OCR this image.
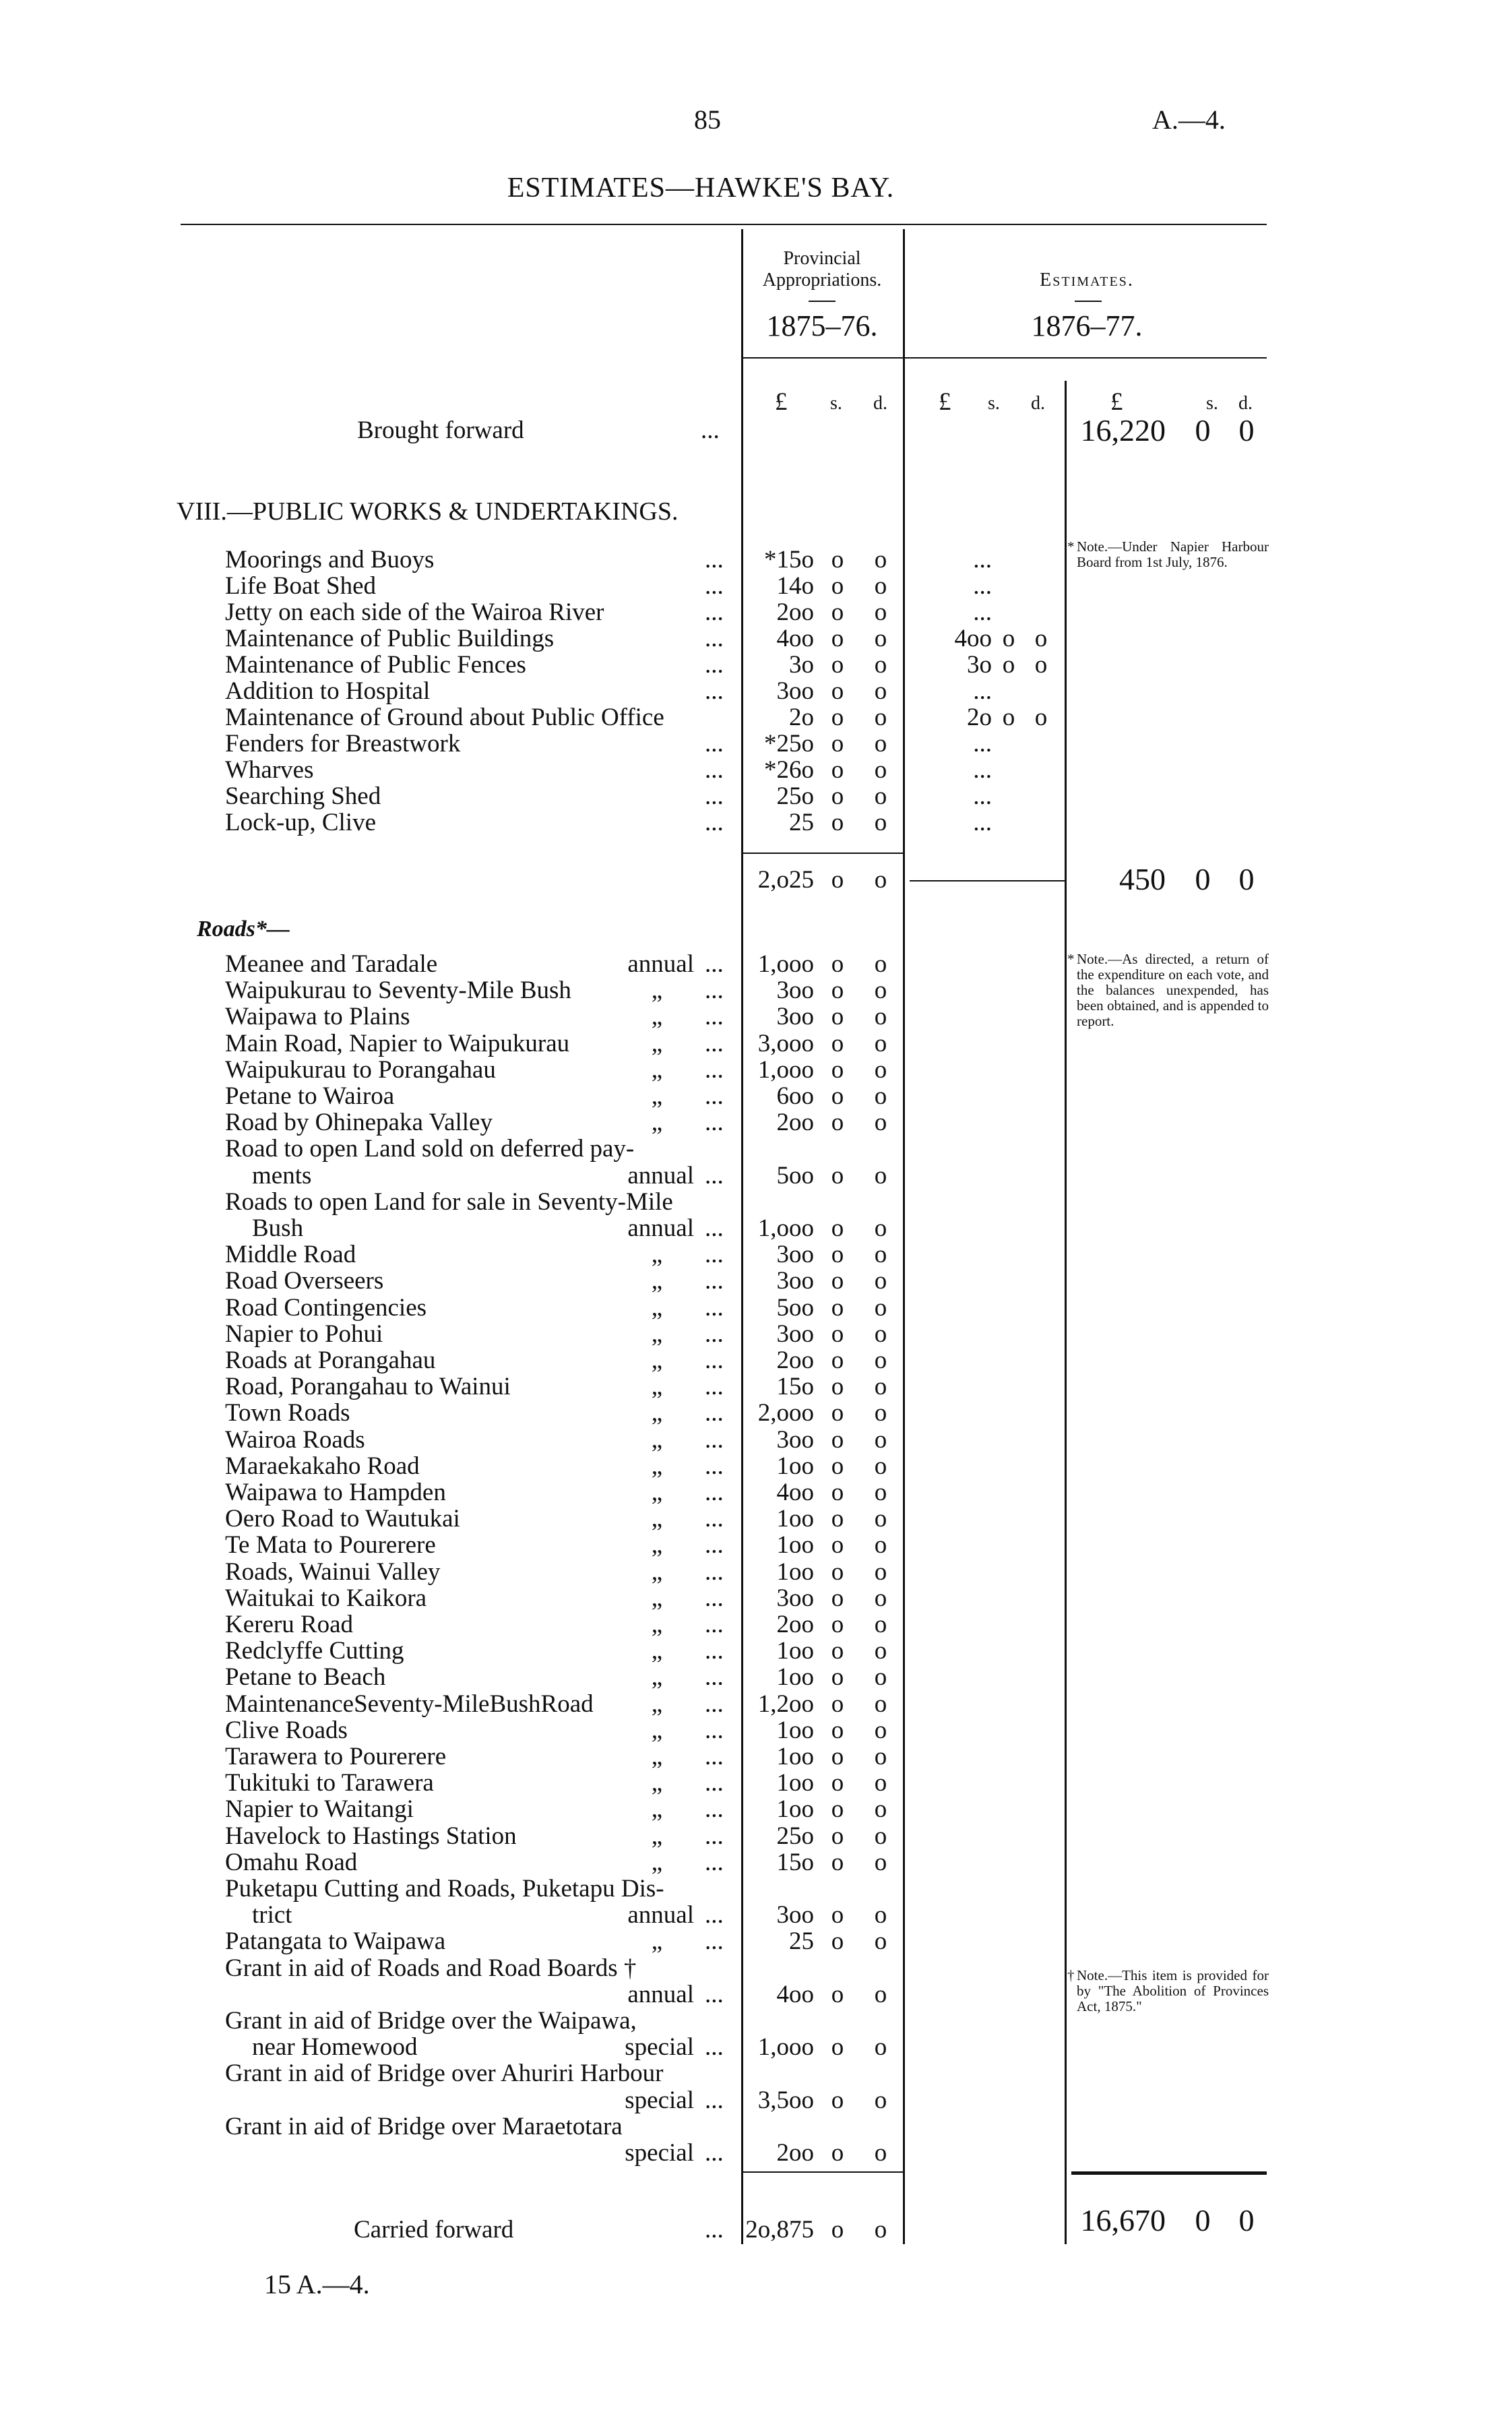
85	A.—4.
ESTIMATES—HAWKE'S BAY.
Provincial
Appropriations.
1875–76.
Estimates.
1876–77.
£ s. d. £ s. d.	£	s. d.
Brought forward	...	16,220 0 0
VIII.—PUBLIC WORKS & UNDERTAKINGS.
* Note.—Under Napier Harbour Board from 1st July, 1876.
Moorings and Buoys	...	*15o o o	...
Life Boat Shed	...	14o o o	...
Jetty on each side of the Wairoa River	...	2oo o o	...
Maintenance of Public Buildings	...	4oo o o	4oo o o
Maintenance of Public Fences	...	3o o o	3o o o
Addition to Hospital	...	3oo o o	...
Maintenance of Ground about Public Office	2o o o	2o o o
Fenders for Breastwork	...	*25o o o	...
Wharves	...	*26o o o	...
Searching Shed	...	25o o o	...
Lock-up, Clive	...	25 o o	...
2,o25 o o	450 0 0
Roads*—
* Note.—As directed, a return of the expenditure on each vote, and the balances unexpended, has been obtained, and is appended to report.
Meanee and Taradale	annual ...	1,ooo o o
Waipukurau to Seventy-Mile Bush	„ ...	3oo o o
Waipawa to Plains	„ ...	3oo o o
Main Road, Napier to Waipukurau	„ ...	3,ooo o o
Waipukurau to Porangahau	„ ...	1,ooo o o
Petane to Wairoa	„ ...	6oo o o
Road by Ohinepaka Valley	„ ...	2oo o o
Road to open Land sold on deferred pay-
ments	annual ...	5oo o o
Roads to open Land for sale in Seventy-Mile
Bush	annual ...	1,ooo o o
Middle Road	„ ...	3oo o o
Road Overseers	„ ...	3oo o o
Road Contingencies	„ ...	5oo o o
Napier to Pohui	„ ...	3oo o o
Roads at Porangahau	„ ...	2oo o o
Road, Porangahau to Wainui	„ ...	15o o o
Town Roads	„ ...	2,ooo o o
Wairoa Roads	„ ...	3oo o o
Maraekakaho Road	„ ...	1oo o o
Waipawa to Hampden	„ ...	4oo o o
Oero Road to Wautukai	„ ...	1oo o o
Te Mata to Pourerere	„ ...	1oo o o
Roads, Wainui Valley	„ ...	1oo o o
Waitukai to Kaikora	„ ...	3oo o o
Kereru Road	„ ...	2oo o o
Redclyffe Cutting	„ ...	1oo o o
Petane to Beach	„ ...	1oo o o
MaintenanceSeventy-MileBushRoad „ ...	1,2oo o o
Clive Roads	„ ...	1oo o o
Tarawera to Pourerere	„ ...	1oo o o
Tukituki to Tarawera	„ ...	1oo o o
Napier to Waitangi	„ ...	1oo o o
Havelock to Hastings Station	„ ...	25o o o
Omahu Road	„ ...	15o o o
Puketapu Cutting and Roads, Puketapu Dis-
trict	annual ...	3oo o o
Patangata to Waipawa	„ ...	25 o o
Grant in aid of Roads and Road Boards †
annual ...	4oo o o
Grant in aid of Bridge over the Waipawa,
near Homewood	special ...	1,ooo o o
Grant in aid of Bridge over Ahuriri Harbour
special ...	3,5oo o o
Grant in aid of Bridge over Maraetotara
special ...	2oo o o
† Note.—This item is provided for by "The Abolition of Provinces Act, 1875."
Carried forward	... 2o,875 o o	16,670 0 0
15 A.—4.
